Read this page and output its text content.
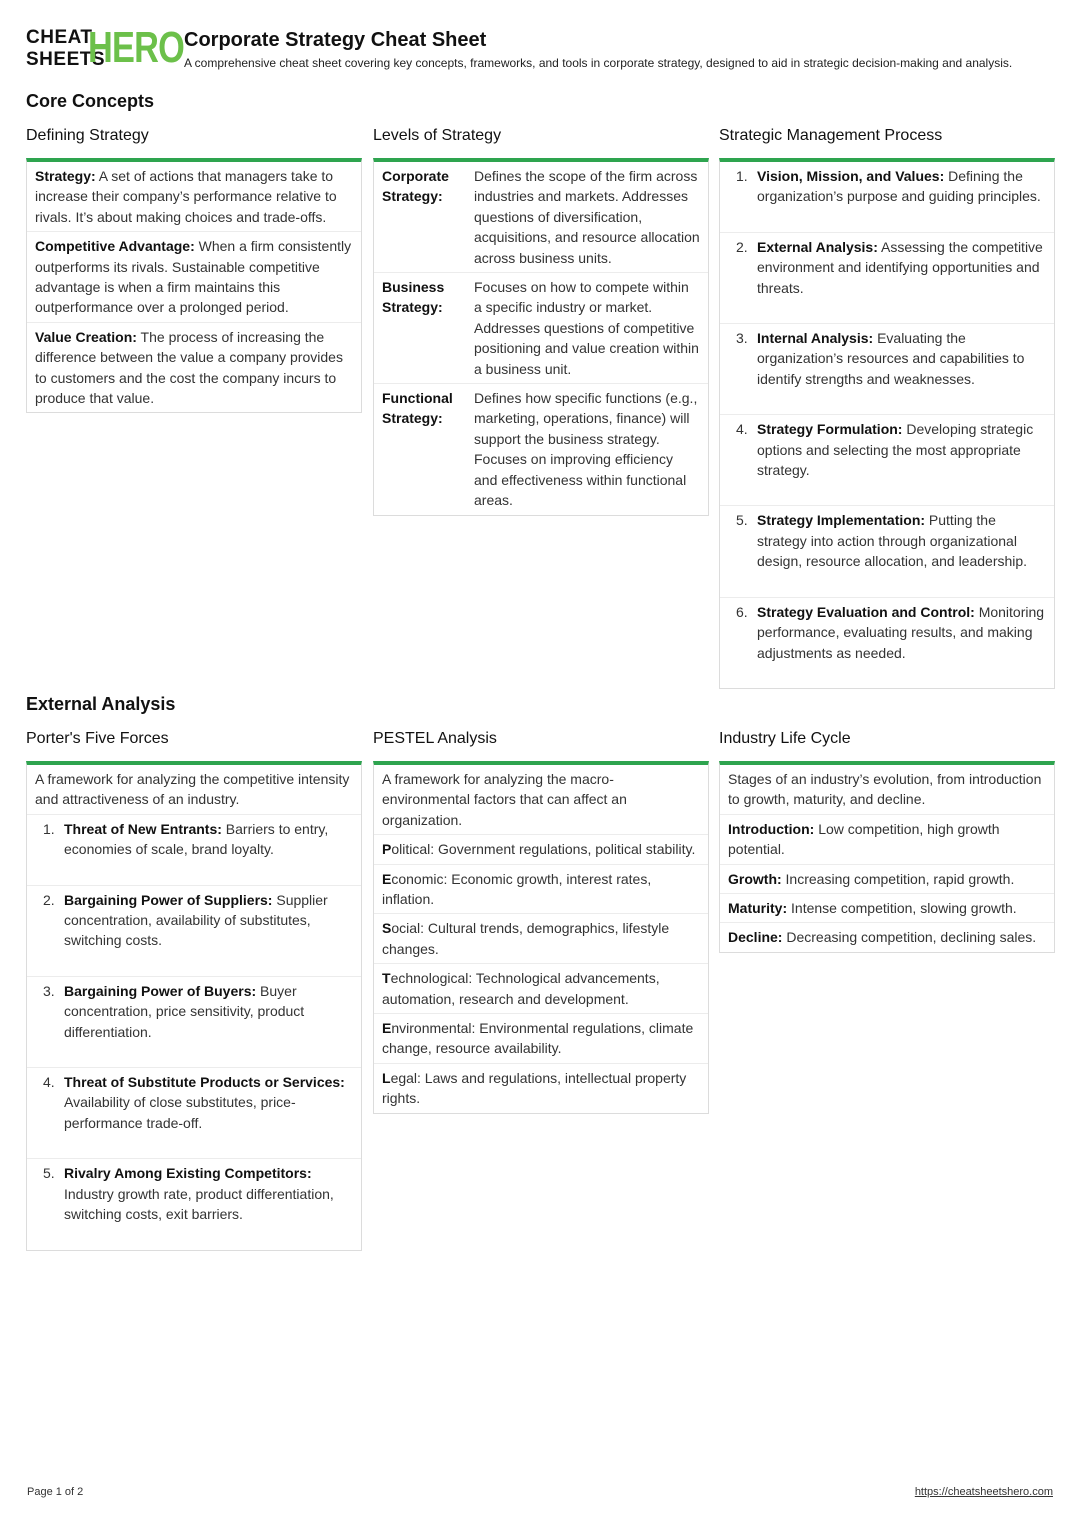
CHEAT
SHEETS
HERO Corporate Strategy Cheat Sheet
A comprehensive cheat sheet covering key concepts, frameworks, and tools in corporate strategy, designed to aid in strategic decision-making and analysis.
Core Concepts
Defining Strategy
Strategy: A set of actions that managers take to increase their company’s performance relative to rivals. It’s about making choices and trade-offs.
Competitive Advantage: When a firm consistently outperforms its rivals. Sustainable competitive advantage is when a firm maintains this outperformance over a prolonged period.
Value Creation: The process of increasing the difference between the value a company provides to customers and the cost the company incurs to produce that value.
Levels of Strategy
Corporate Strategy:
Defines the scope of the firm across industries and markets. Addresses questions of diversification, acquisitions, and resource allocation across business units.
Business Strategy:
Focuses on how to compete within a specific industry or market. Addresses questions of competitive positioning and value creation within a business unit.
Functional Strategy:
Defines how specific functions (e.g., marketing, operations, finance) will support the business strategy. Focuses on improving efficiency and effectiveness within functional areas.
Strategic Management Process
1. Vision, Mission, and Values: Defining the organization’s purpose and guiding principles.
2. External Analysis: Assessing the competitive environment and identifying opportunities and threats.
3. Internal Analysis: Evaluating the organization’s resources and capabilities to identify strengths and weaknesses.
4. Strategy Formulation: Developing strategic options and selecting the most appropriate strategy.
5. Strategy Implementation: Putting the strategy into action through organizational design, resource allocation, and leadership.
6. Strategy Evaluation and Control: Monitoring performance, evaluating results, and making adjustments as needed.
External Analysis
Porter's Five Forces
A framework for analyzing the competitive intensity and attractiveness of an industry.
1. Threat of New Entrants: Barriers to entry, economies of scale, brand loyalty.
2. Bargaining Power of Suppliers: Supplier concentration, availability of substitutes, switching costs.
3. Bargaining Power of Buyers: Buyer concentration, price sensitivity, product differentiation.
4. Threat of Substitute Products or Services: Availability of close substitutes, price-performance trade-off.
5. Rivalry Among Existing Competitors: Industry growth rate, product differentiation, switching costs, exit barriers.
PESTEL Analysis
A framework for analyzing the macro-environmental factors that can affect an organization.
Political: Government regulations, political stability.
Economic: Economic growth, interest rates, inflation.
Social: Cultural trends, demographics, lifestyle changes.
Technological: Technological advancements, automation, research and development.
Environmental: Environmental regulations, climate change, resource availability.
Legal: Laws and regulations, intellectual property rights.
Industry Life Cycle
Stages of an industry’s evolution, from introduction to growth, maturity, and decline.
Introduction: Low competition, high growth potential.
Growth: Increasing competition, rapid growth.
Maturity: Intense competition, slowing growth.
Decline: Decreasing competition, declining sales.
Page 1 of 2	https://cheatsheetshero.com
